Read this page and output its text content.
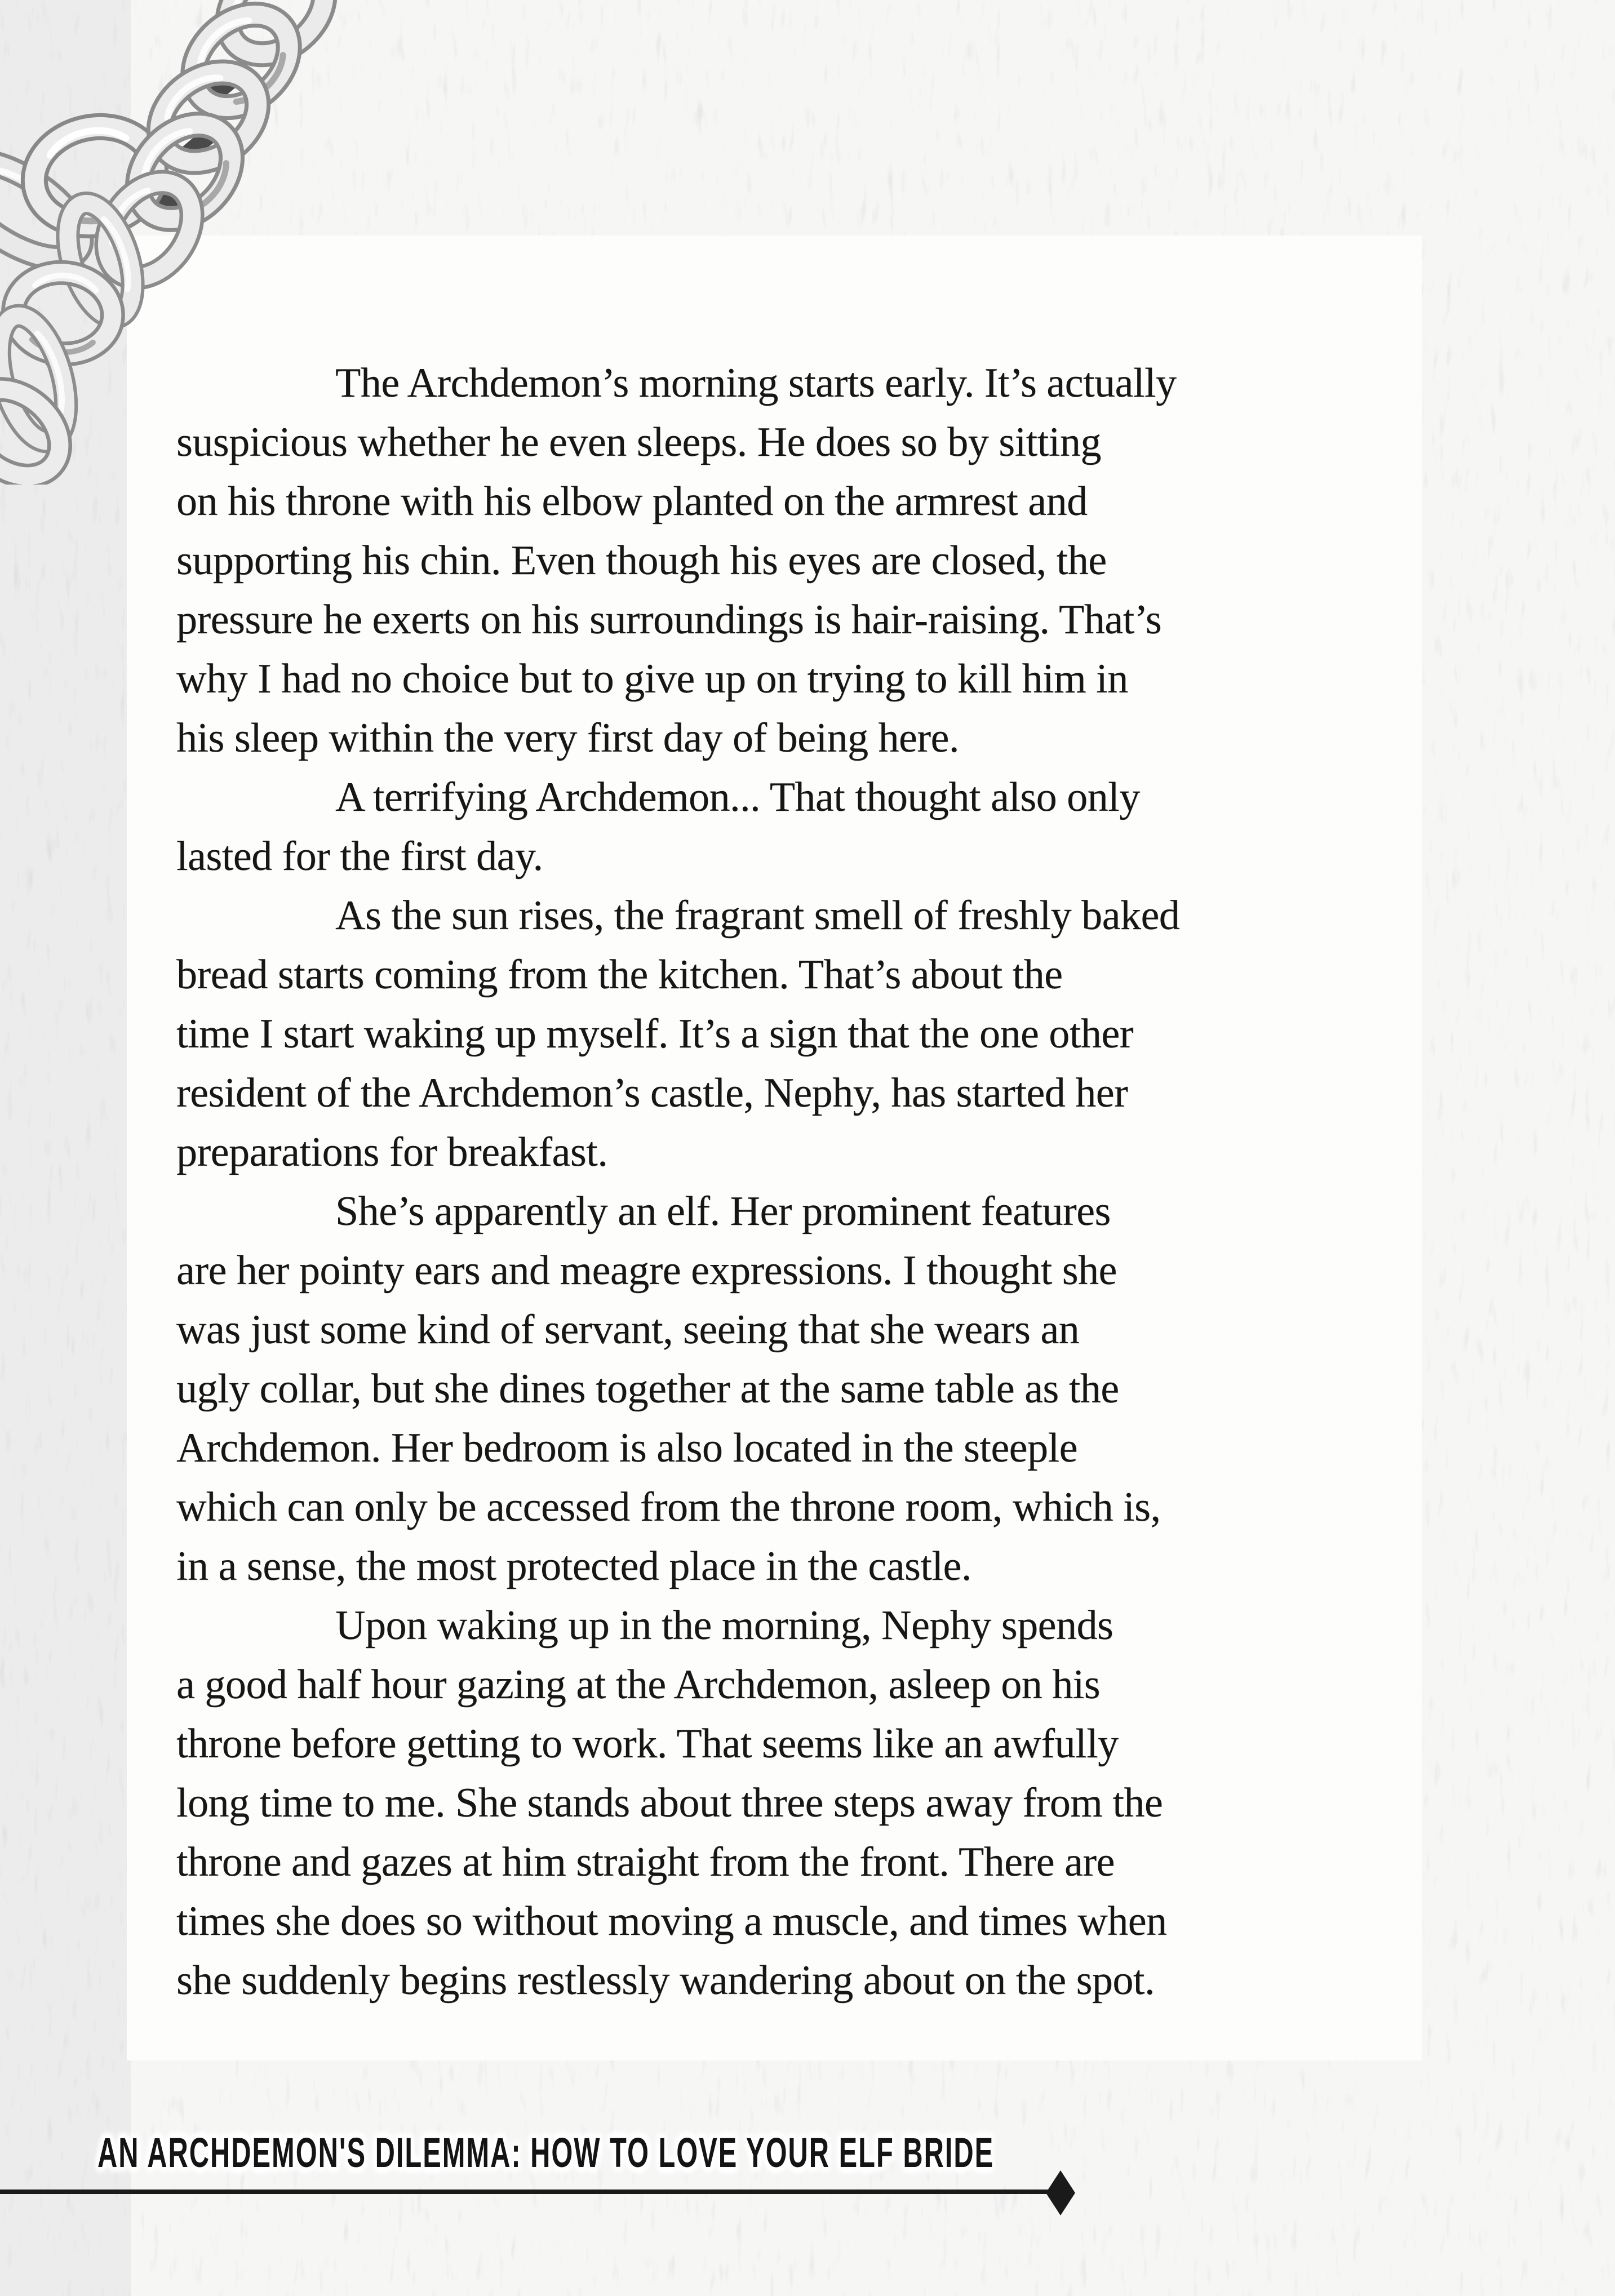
The Archdemon’s morning starts early. It’s actually
suspicious whether he even sleeps. He does so by sitting
on his throne with his elbow planted on the armrest and
supporting his chin. Even though his eyes are closed, the
pressure he exerts on his surroundings is hair-raising. That’s
why I had no choice but to give up on trying to kill him in
his sleep within the very first day of being here.
A terrifying Archdemon... That thought also only
lasted for the first day.
As the sun rises, the fragrant smell of freshly baked
bread starts coming from the kitchen. That’s about the
time I start waking up myself. It’s a sign that the one other
resident of the Archdemon’s castle, Nephy, has started her
preparations for breakfast.
She’s apparently an elf. Her prominent features
are her pointy ears and meagre expressions. I thought she
was just some kind of servant, seeing that she wears an
ugly collar, but she dines together at the same table as the
Archdemon. Her bedroom is also located in the steeple
which can only be accessed from the throne room, which is,
in a sense, the most protected place in the castle.
Upon waking up in the morning, Nephy spends
a good half hour gazing at the Archdemon, asleep on his
throne before getting to work. That seems like an awfully
long time to me. She stands about three steps away from the
throne and gazes at him straight from the front. There are
times she does so without moving a muscle, and times when
she suddenly begins restlessly wandering about on the spot.
AN ARCHDEMON'S DILEMMA: HOW TO LOVE YOUR ELF BRIDE
